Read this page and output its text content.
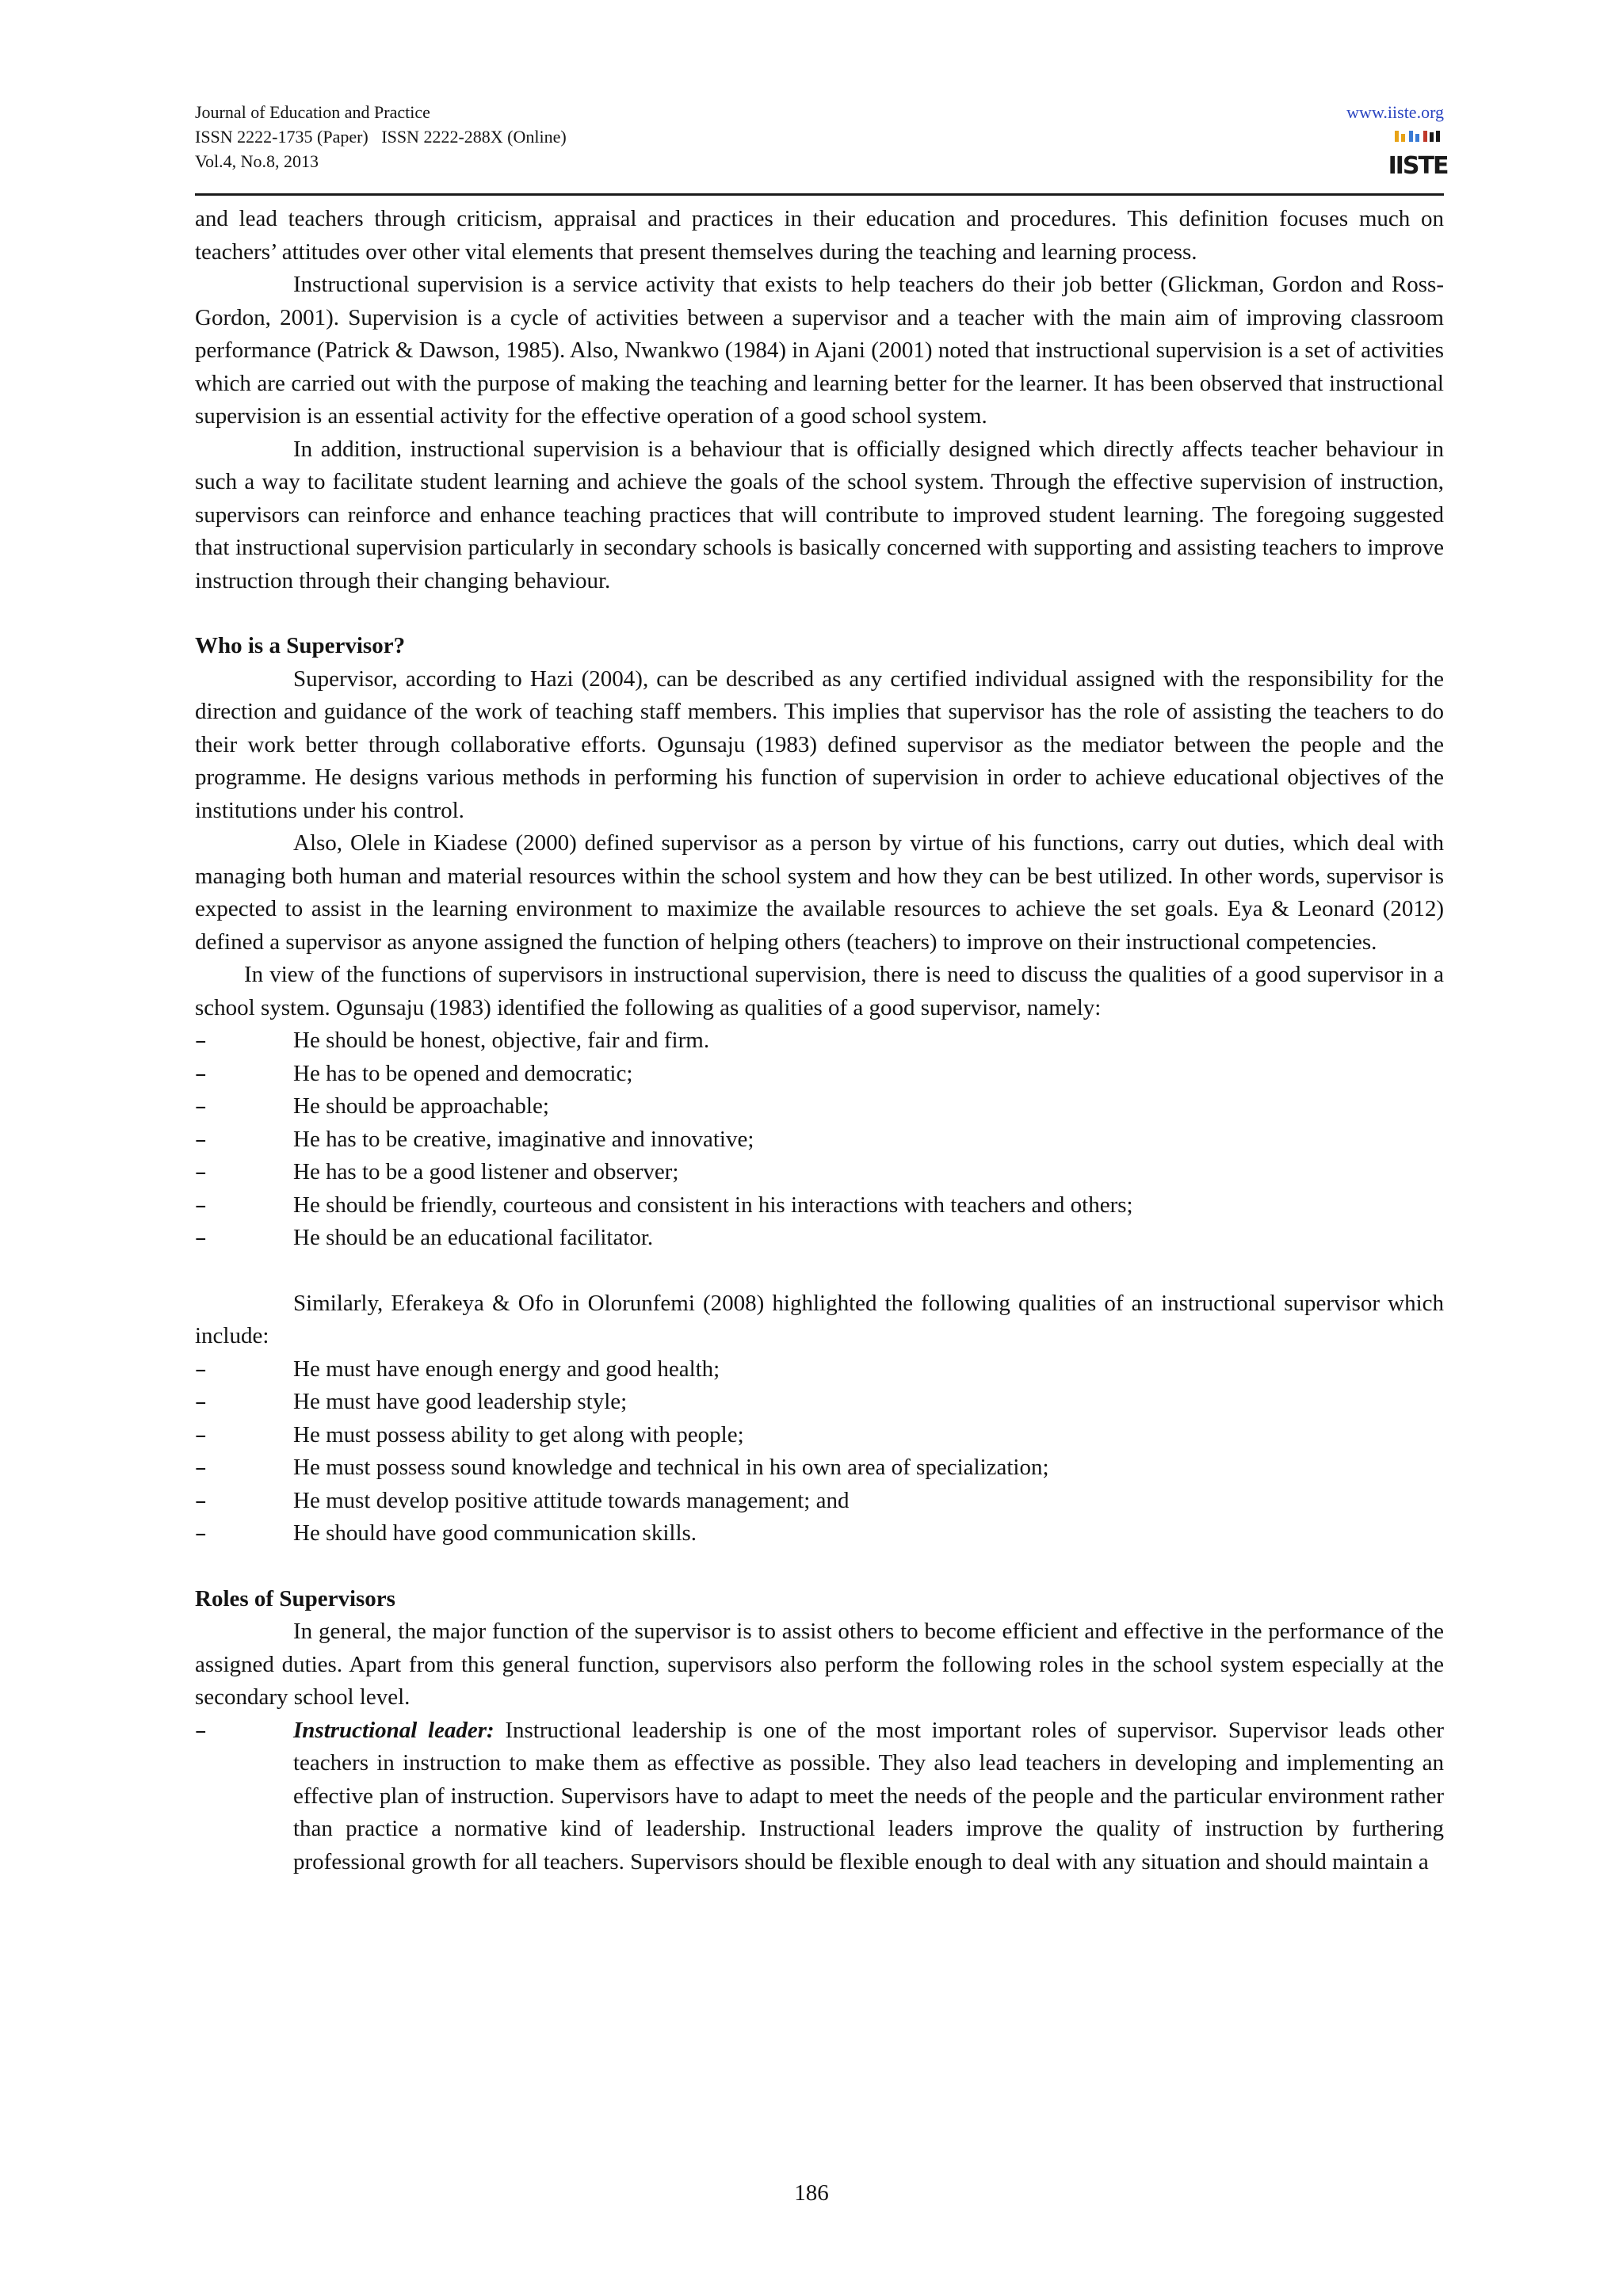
Journal of Education and Practice
ISSN 2222-1735 (Paper)   ISSN 2222-288X (Online)
Vol.4, No.8, 2013
www.iiste.org
IISTE

and lead teachers through criticism, appraisal and practices in their education and procedures. This definition focuses much on teachers’ attitudes over other vital elements that present themselves during the teaching and learning process.

Instructional supervision is a service activity that exists to help teachers do their job better (Glickman, Gordon and Ross-Gordon, 2001). Supervision is a cycle of activities between a supervisor and a teacher with the main aim of improving classroom performance (Patrick & Dawson, 1985). Also, Nwankwo (1984) in Ajani (2001) noted that instructional supervision is a set of activities which are carried out with the purpose of making the teaching and learning better for the learner. It has been observed that instructional supervision is an essential activity for the effective operation of a good school system.

In addition, instructional supervision is a behaviour that is officially designed which directly affects teacher behaviour in such a way to facilitate student learning and achieve the goals of the school system. Through the effective supervision of instruction, supervisors can reinforce and enhance teaching practices that will contribute to improved student learning. The foregoing suggested that instructional supervision particularly in secondary schools is basically concerned with supporting and assisting teachers to improve instruction through their changing behaviour.

Who is a Supervisor?

Supervisor, according to Hazi (2004), can be described as any certified individual assigned with the responsibility for the direction and guidance of the work of teaching staff members. This implies that supervisor has the role of assisting the teachers to do their work better through collaborative efforts. Ogunsaju (1983) defined supervisor as the mediator between the people and the programme. He designs various methods in performing his function of supervision in order to achieve educational objectives of the institutions under his control.

Also, Olele in Kiadese (2000) defined supervisor as a person by virtue of his functions, carry out duties, which deal with managing both human and material resources within the school system and how they can be best utilized. In other words, supervisor is expected to assist in the learning environment to maximize the available resources to achieve the set goals. Eya & Leonard (2012) defined a supervisor as anyone assigned the function of helping others (teachers) to improve on their instructional competencies.

In view of the functions of supervisors in instructional supervision, there is need to discuss the qualities of a good supervisor in a school system. Ogunsaju (1983) identified the following as qualities of a good supervisor, namely:

–	He should be honest, objective, fair and firm.
–	He has to be opened and democratic;
–	He should be approachable;
–	He has to be creative, imaginative and innovative;
–	He has to be a good listener and observer;
–	He should be friendly, courteous and consistent in his interactions with teachers and others;
–	He should be an educational facilitator.

Similarly, Eferakeya & Ofo in Olorunfemi (2008) highlighted the following qualities of an instructional supervisor which include:

–	He must have enough energy and good health;
–	He must have good leadership style;
–	He must possess ability to get along with people;
–	He must possess sound knowledge and technical in his own area of specialization;
–	He must develop positive attitude towards management; and
–	He should have good communication skills.

Roles of Supervisors

In general, the major function of the supervisor is to assist others to become efficient and effective in the performance of the assigned duties. Apart from this general function, supervisors also perform the following roles in the school system especially at the secondary school level.

–	Instructional leader: Instructional leadership is one of the most important roles of supervisor. Supervisor leads other teachers in instruction to make them as effective as possible. They also lead teachers in developing and implementing an effective plan of instruction. Supervisors have to adapt to meet the needs of the people and the particular environment rather than practice a normative kind of leadership. Instructional leaders improve the quality of instruction by furthering professional growth for all teachers. Supervisors should be flexible enough to deal with any situation and should maintain a
186
